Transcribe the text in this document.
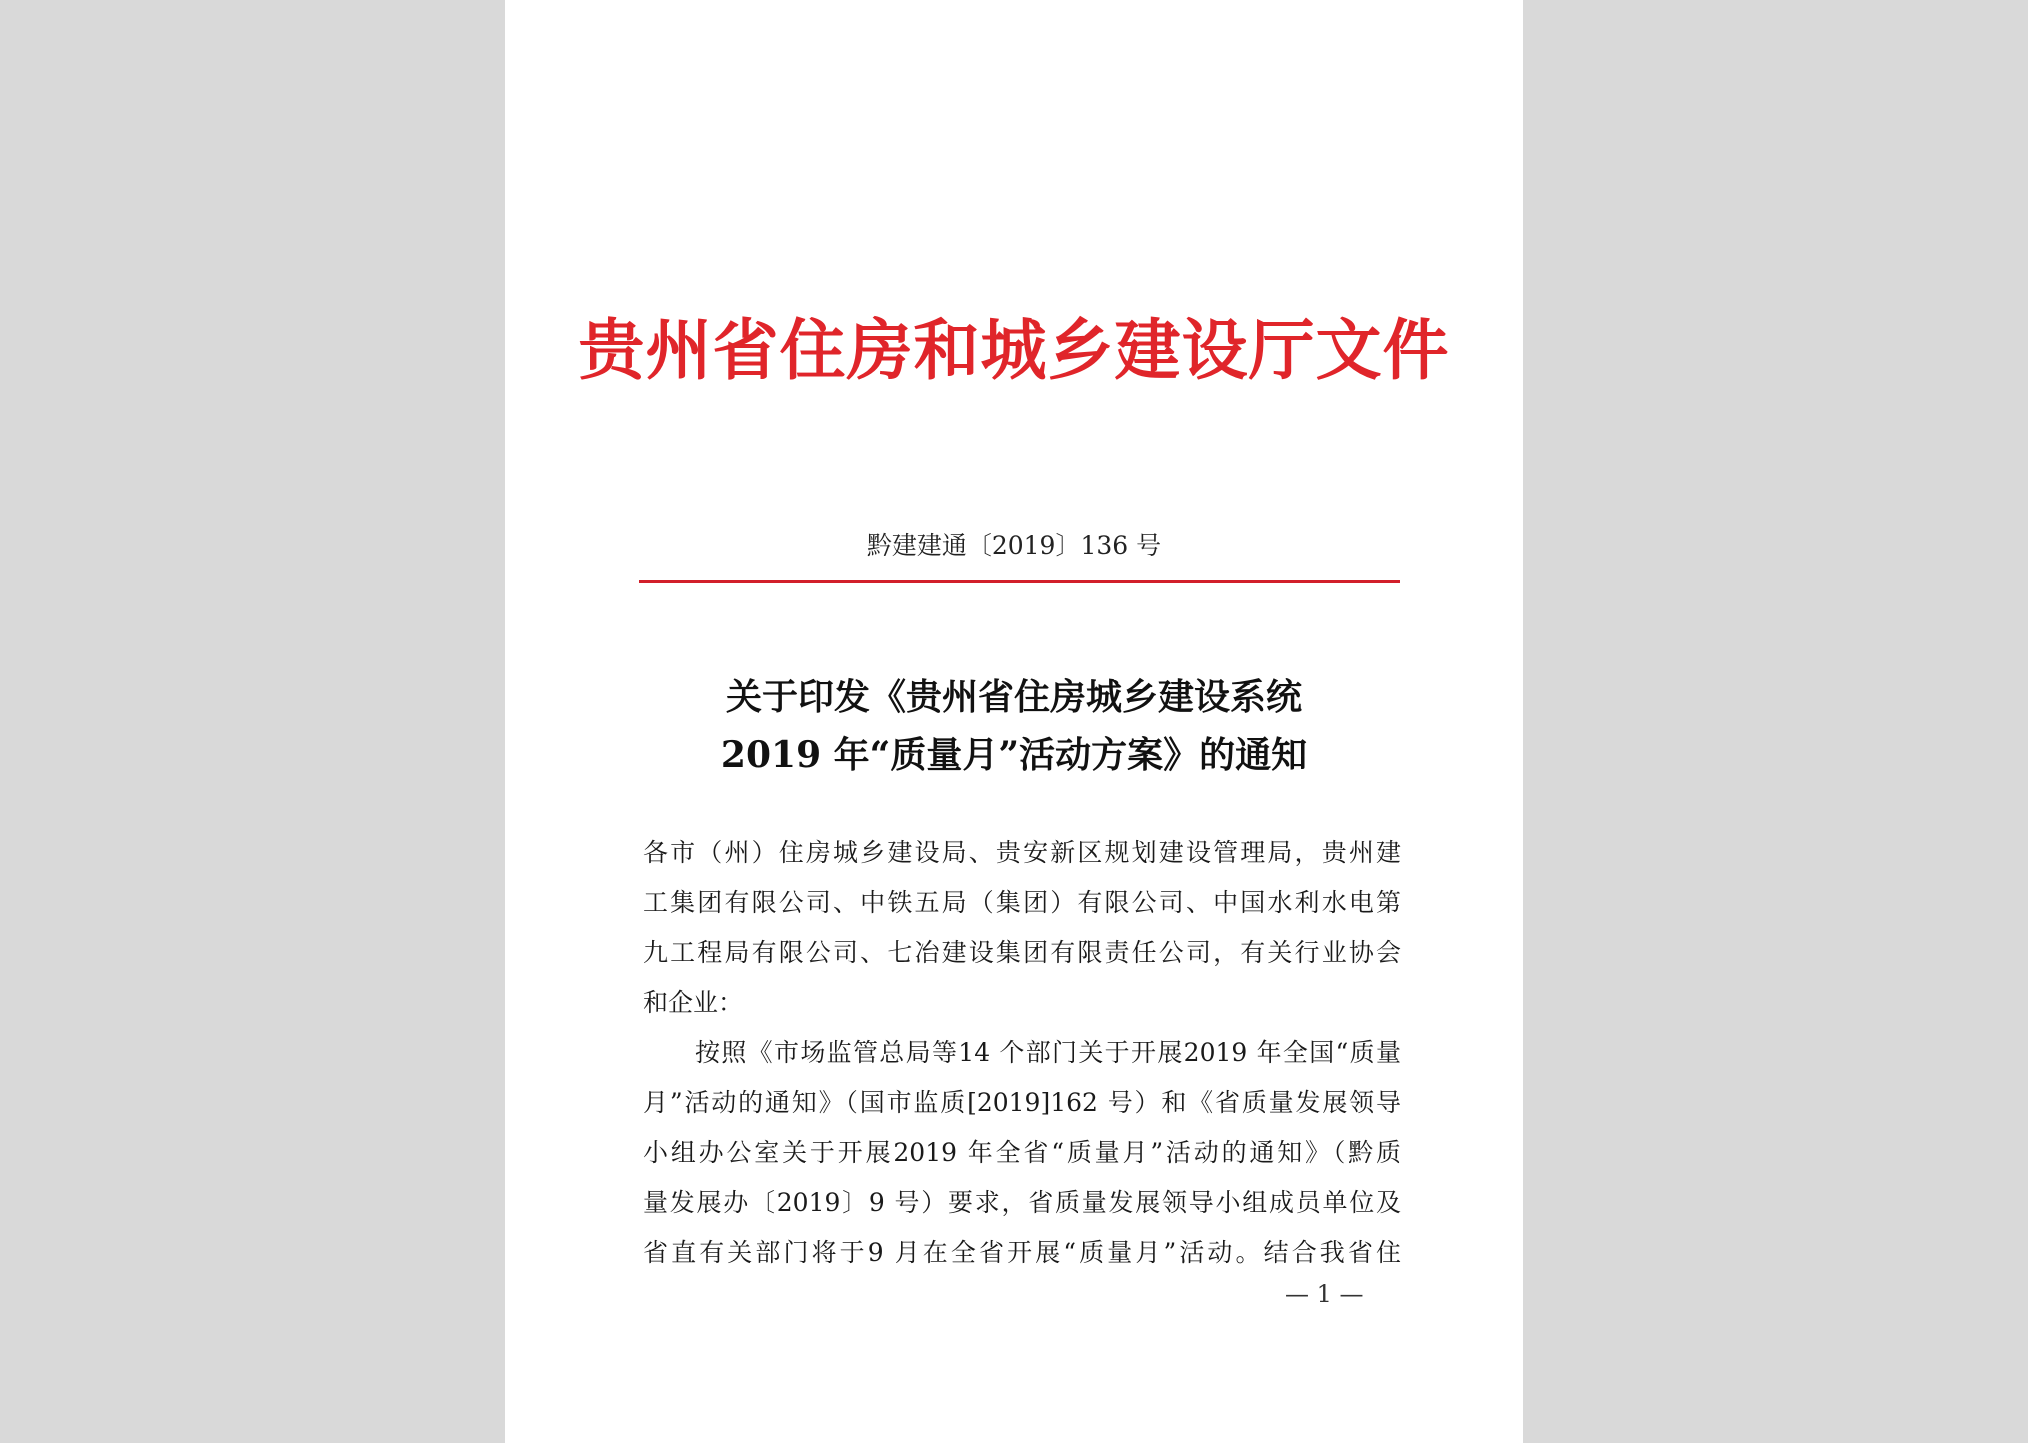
贵州省住房和城乡建设厅文件
黔建建通〔2019〕136 号
关于印发《贵州省住房城乡建设系统
2019 年“质量月”活动方案》的通知
各市（州）住房城乡建设局、贵安新区规划建设管理局，贵州建
工集团有限公司、中铁五局（集团）有限公司、中国水利水电第
九工程局有限公司、七冶建设集团有限责任公司，有关行业协会
和企业：
按照《市场监管总局等14 个部门关于开展2019 年全国“质量
月”活动的通知》（国市监质[2019]162 号）和《省质量发展领导
小组办公室关于开展2019 年全省“质量月”活动的通知》（黔质
量发展办〔2019〕9 号）要求，省质量发展领导小组成员单位及
省直有关部门将于9 月在全省开展“质量月”活动。结合我省住
— 1 —
